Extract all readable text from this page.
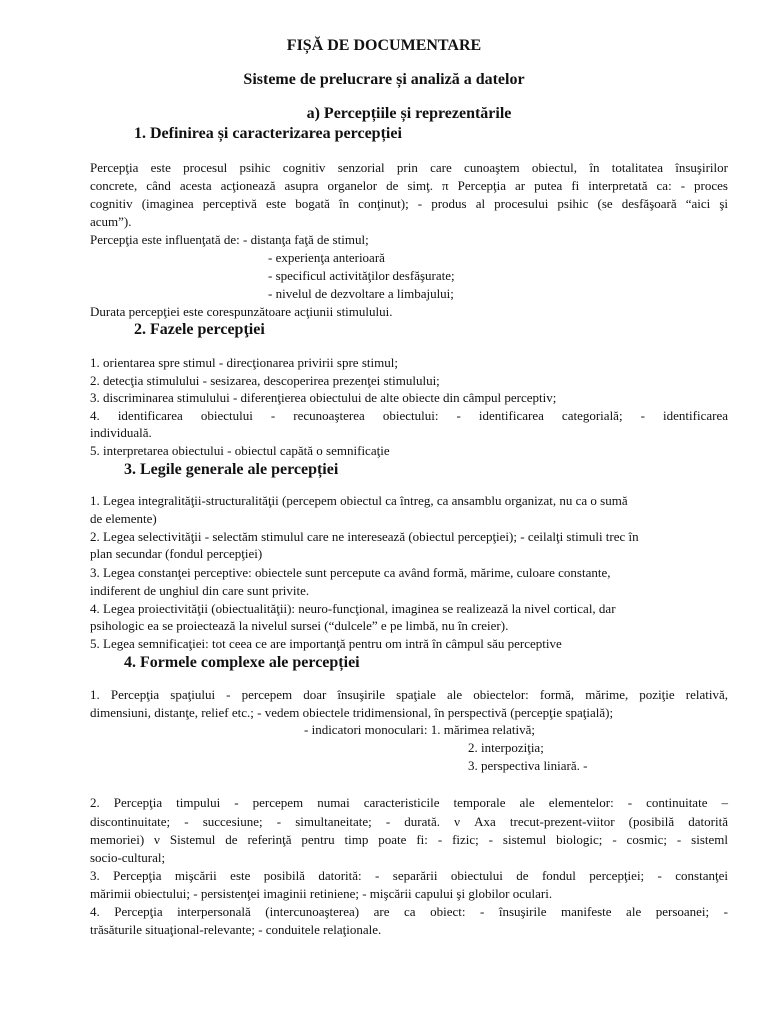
FIȘĂ DE DOCUMENTARE
Sisteme de prelucrare și analiză a datelor
a) Percepțiile și reprezentările
1. Definirea și caracterizarea percepției
Percepţia este procesul psihic cognitiv senzorial prin care cunoaştem obiectul, în totalitatea însuşirilor
concrete, când acesta acţionează asupra organelor de simţ. π Percepţia ar putea fi interpretată ca: - proces
cognitiv (imaginea perceptivă este bogată în conţinut); - produs al procesului psihic (se desfăşoară “aici şi
acum”).
Percepţia este influenţată de: - distanţa faţă de stimul;
- experienţa anterioară
- specificul activităţilor desfăşurate;
- nivelul de dezvoltare a limbajului;
Durata percepţiei este corespunzătoare acţiunii stimulului.
2. Fazele percepţiei
1. orientarea spre stimul - direcţionarea privirii spre stimul;
2. detecţia stimulului - sesizarea, descoperirea prezenţei stimulului;
3. discriminarea stimulului - diferenţierea obiectului de alte obiecte din câmpul perceptiv;
4. identificarea obiectului - recunoaşterea obiectului: - identificarea categorială; - identificarea
individuală.
5. interpretarea obiectului - obiectul capătă o semnificaţie
3. Legile generale ale percepției
1. Legea integralităţii-structuralităţii (percepem obiectul ca întreg, ca ansamblu organizat, nu ca o sumă
de elemente)
2. Legea selectivităţii - selectăm stimulul care ne interesează (obiectul percepţiei); - ceilalţi stimuli trec în
plan secundar (fondul percepţiei)
3. Legea constanţei perceptive: obiectele sunt percepute ca având formă, mărime, culoare constante,
indiferent de unghiul din care sunt privite.
4. Legea proiectivităţii (obiectualităţii): neuro-funcţional, imaginea se realizează la nivel cortical, dar
psihologic ea se proiectează la nivelul sursei (“dulcele” e pe limbă, nu în creier).
5. Legea semnificaţiei: tot ceea ce are importanţă pentru om intră în câmpul său perceptive
4. Formele complexe ale percepției
1. Percepţia spaţiului - percepem doar însuşirile spaţiale ale obiectelor: formă, mărime, poziţie relativă,
dimensiuni, distanţe, relief etc.; - vedem obiectele tridimensional, în perspectivă (percepţie spaţială);
- indicatori monoculari: 1. mărimea relativă;
2. interpoziţia;
3. perspectiva liniară. -
2. Percepţia timpului - percepem numai caracteristicile temporale ale elementelor: - continuitate –
discontinuitate; - succesiune; - simultaneitate; - durată. ν Axa trecut-prezent-viitor (posibilă datorită
memoriei) ν Sistemul de referinţă pentru timp poate fi: - fizic; - sistemul biologic; - cosmic; - sisteml
socio-cultural;
3. Percepţia mişcării este posibilă datorită: - separării obiectului de fondul percepţiei; - constanţei
mărimii obiectului; - persistenţei imaginii retiniene; - mişcării capului şi globilor oculari.
4. Percepţia interpersonală (intercunoaşterea) are ca obiect: - însuşirile manifeste ale persoanei; -
trăsăturile situaţional-relevante; - conduitele relaţionale.
